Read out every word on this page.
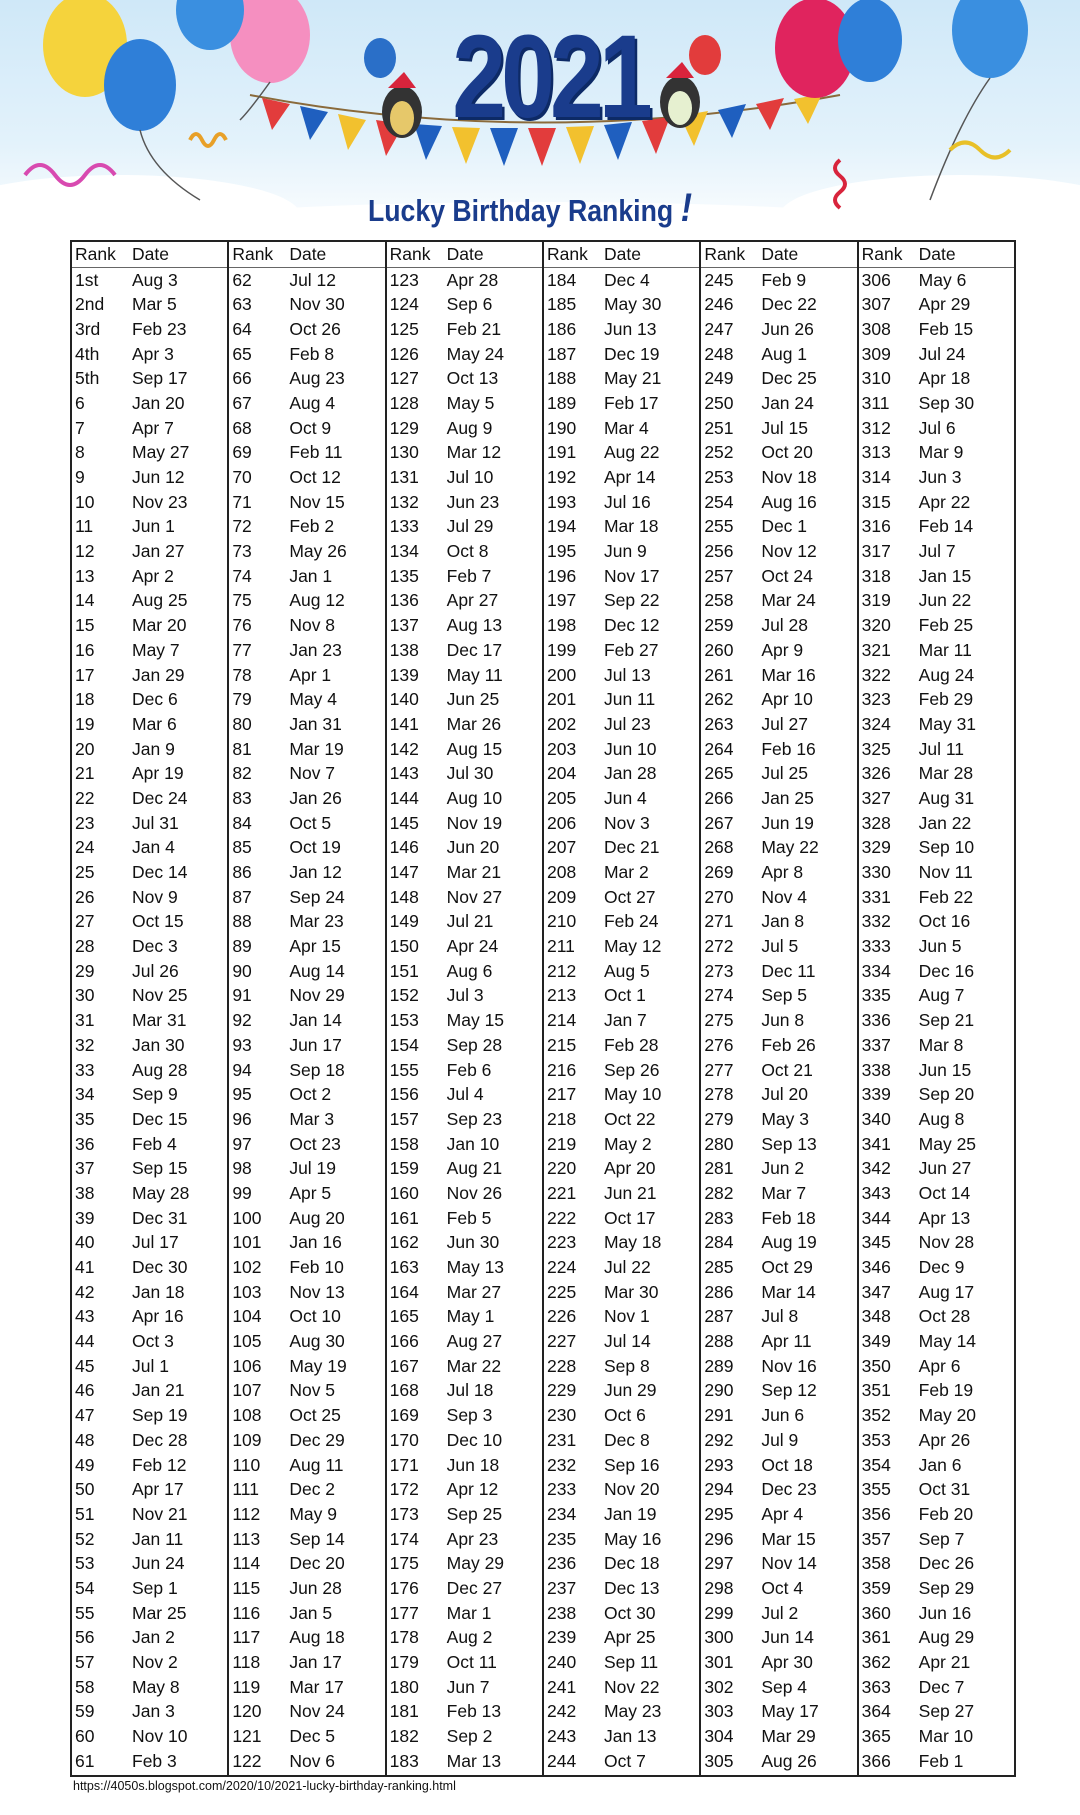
2021
Lucky Birthday Ranking !
Rank Date
1st	Aug 3
2nd	Mar 5
3rd	Feb 23
4th	Apr 3
5th	Sep 17
6	Jan 20
7	Apr 7
8	May 27
9	Jun 12
10	Nov 23
11	Jun 1
12	Jan 27
13	Apr 2
14	Aug 25
15	Mar 20
16	May 7
17	Jan 29
18	Dec 6
19	Mar 6
20	Jan 9
21	Apr 19
22	Dec 24
23	Jul 31
24	Jan 4
25	Dec 14
26	Nov 9
27	Oct 15
28	Dec 3
29	Jul 26
30	Nov 25
31	Mar 31
32	Jan 30
33	Aug 28
34	Sep 9
35	Dec 15
36	Feb 4
37	Sep 15
38	May 28
39	Dec 31
40	Jul 17
41	Dec 30
42	Jan 18
43	Apr 16
44	Oct 3
45	Jul 1
46	Jan 21
47	Sep 19
48	Dec 28
49	Feb 12
50	Apr 17
51	Nov 21
52	Jan 11
53	Jun 24
54	Sep 1
55	Mar 25
56	Jan 2
57	Nov 2
58	May 8
59	Jan 3
60	Nov 10
61	Feb 3
Rank Date
62	Jul 12
63	Nov 30
64	Oct 26
65	Feb 8
66	Aug 23
67	Aug 4
68	Oct 9
69	Feb 11
70	Oct 12
71	Nov 15
72	Feb 2
73	May 26
74	Jan 1
75	Aug 12
76	Nov 8
77	Jan 23
78	Apr 1
79	May 4
80	Jan 31
81	Mar 19
82	Nov 7
83	Jan 26
84	Oct 5
85	Oct 19
86	Jan 12
87	Sep 24
88	Mar 23
89	Apr 15
90	Aug 14
91	Nov 29
92	Jan 14
93	Jun 17
94	Sep 18
95	Oct 2
96	Mar 3
97	Oct 23
98	Jul 19
99	Apr 5
100	Aug 20
101	Jan 16
102	Feb 10
103	Nov 13
104	Oct 10
105	Aug 30
106	May 19
107	Nov 5
108	Oct 25
109	Dec 29
110	Aug 11
111	Dec 2
112	May 9
113	Sep 14
114	Dec 20
115	Jun 28
116	Jan 5
117	Aug 18
118	Jan 17
119	Mar 17
120	Nov 24
121	Dec 5
122	Nov 6
Rank Date
123	Apr 28
124	Sep 6
125	Feb 21
126	May 24
127	Oct 13
128	May 5
129	Aug 9
130	Mar 12
131	Jul 10
132	Jun 23
133	Jul 29
134	Oct 8
135	Feb 7
136	Apr 27
137	Aug 13
138	Dec 17
139	May 11
140	Jun 25
141	Mar 26
142	Aug 15
143	Jul 30
144	Aug 10
145	Nov 19
146	Jun 20
147	Mar 21
148	Nov 27
149	Jul 21
150	Apr 24
151	Aug 6
152	Jul 3
153	May 15
154	Sep 28
155	Feb 6
156	Jul 4
157	Sep 23
158	Jan 10
159	Aug 21
160	Nov 26
161	Feb 5
162	Jun 30
163	May 13
164	Mar 27
165	May 1
166	Aug 27
167	Mar 22
168	Jul 18
169	Sep 3
170	Dec 10
171	Jun 18
172	Apr 12
173	Sep 25
174	Apr 23
175	May 29
176	Dec 27
177	Mar 1
178	Aug 2
179	Oct 11
180	Jun 7
181	Feb 13
182	Sep 2
183	Mar 13
Rank Date
184	Dec 4
185	May 30
186	Jun 13
187	Dec 19
188	May 21
189	Feb 17
190	Mar 4
191	Aug 22
192	Apr 14
193	Jul 16
194	Mar 18
195	Jun 9
196	Nov 17
197	Sep 22
198	Dec 12
199	Feb 27
200	Jul 13
201	Jun 11
202	Jul 23
203	Jun 10
204	Jan 28
205	Jun 4
206	Nov 3
207	Dec 21
208	Mar 2
209	Oct 27
210	Feb 24
211	May 12
212	Aug 5
213	Oct 1
214	Jan 7
215	Feb 28
216	Sep 26
217	May 10
218	Oct 22
219	May 2
220	Apr 20
221	Jun 21
222	Oct 17
223	May 18
224	Jul 22
225	Mar 30
226	Nov 1
227	Jul 14
228	Sep 8
229	Jun 29
230	Oct 6
231	Dec 8
232	Sep 16
233	Nov 20
234	Jan 19
235	May 16
236	Dec 18
237	Dec 13
238	Oct 30
239	Apr 25
240	Sep 11
241	Nov 22
242	May 23
243	Jan 13
244	Oct 7
Rank Date
245	Feb 9
246	Dec 22
247	Jun 26
248	Aug 1
249	Dec 25
250	Jan 24
251	Jul 15
252	Oct 20
253	Nov 18
254	Aug 16
255	Dec 1
256	Nov 12
257	Oct 24
258	Mar 24
259	Jul 28
260	Apr 9
261	Mar 16
262	Apr 10
263	Jul 27
264	Feb 16
265	Jul 25
266	Jan 25
267	Jun 19
268	May 22
269	Apr 8
270	Nov 4
271	Jan 8
272	Jul 5
273	Dec 11
274	Sep 5
275	Jun 8
276	Feb 26
277	Oct 21
278	Jul 20
279	May 3
280	Sep 13
281	Jun 2
282	Mar 7
283	Feb 18
284	Aug 19
285	Oct 29
286	Mar 14
287	Jul 8
288	Apr 11
289	Nov 16
290	Sep 12
291	Jun 6
292	Jul 9
293	Oct 18
294	Dec 23
295	Apr 4
296	Mar 15
297	Nov 14
298	Oct 4
299	Jul 2
300	Jun 14
301	Apr 30
302	Sep 4
303	May 17
304	Mar 29
305	Aug 26
Rank Date
306	May 6
307	Apr 29
308	Feb 15
309	Jul 24
310	Apr 18
311	Sep 30
312	Jul 6
313	Mar 9
314	Jun 3
315	Apr 22
316	Feb 14
317	Jul 7
318	Jan 15
319	Jun 22
320	Feb 25
321	Mar 11
322	Aug 24
323	Feb 29
324	May 31
325	Jul 11
326	Mar 28
327	Aug 31
328	Jan 22
329	Sep 10
330	Nov 11
331	Feb 22
332	Oct 16
333	Jun 5
334	Dec 16
335	Aug 7
336	Sep 21
337	Mar 8
338	Jun 15
339	Sep 20
340	Aug 8
341	May 25
342	Jun 27
343	Oct 14
344	Apr 13
345	Nov 28
346	Dec 9
347	Aug 17
348	Oct 28
349	May 14
350	Apr 6
351	Feb 19
352	May 20
353	Apr 26
354	Jan 6
355	Oct 31
356	Feb 20
357	Sep 7
358	Dec 26
359	Sep 29
360	Jun 16
361	Aug 29
362	Apr 21
363	Dec 7
364	Sep 27
365	Mar 10
366	Feb 1
https://4050s.blogspot.com/2020/10/2021-lucky-birthday-ranking.html
